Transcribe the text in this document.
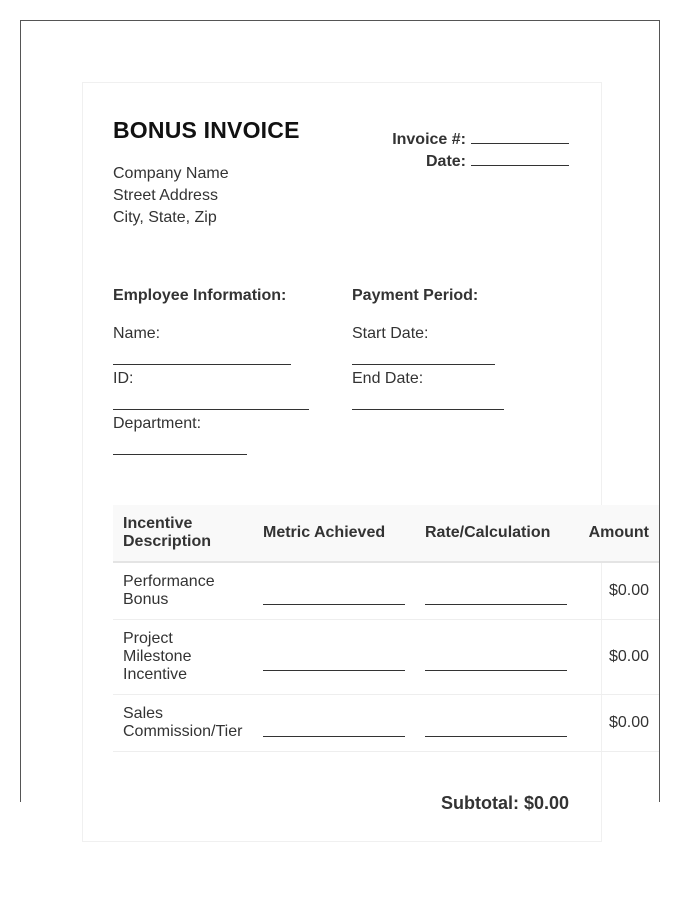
BONUS INVOICE
Company Name
Street Address
City, State, Zip
Invoice #:
Date:
Employee Information:
Name:
ID:
Department:
Payment Period:
Start Date:
End Date:
Incentive Description	Metric Achieved	Rate/Calculation	Amount
Performance Bonus			$0.00
Project Milestone Incentive			$0.00
Sales Commission/Tier			$0.00
Subtotal: $0.00
